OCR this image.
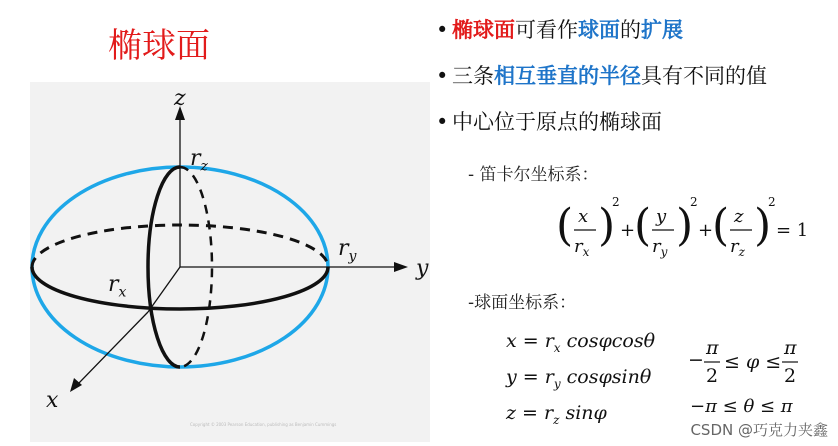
椭球面
z
y
x
$r_z$
$r_y$
$r_x$
Copyright © 2003 Pearson Education, publishing as Benjamin Cummings
• 椭球面可看作球面的扩展
• 三条相互垂直的半径具有不同的值
• 中心位于原点的椭球面
- 笛卡尔坐标系：
( x
$r_x$
)
2
+
( y
$r_y$
)
2
+
( z
$r_z$
)
2
= 1
-球面坐标系：
$x = r_x$ cosφcosθ
$y = r_y$ cosφsinθ
$z = r_z$ sinφ
−
π
2
≤ φ ≤
π
2
−π ≤ θ ≤ π
CSDN @巧克力夹鑫
